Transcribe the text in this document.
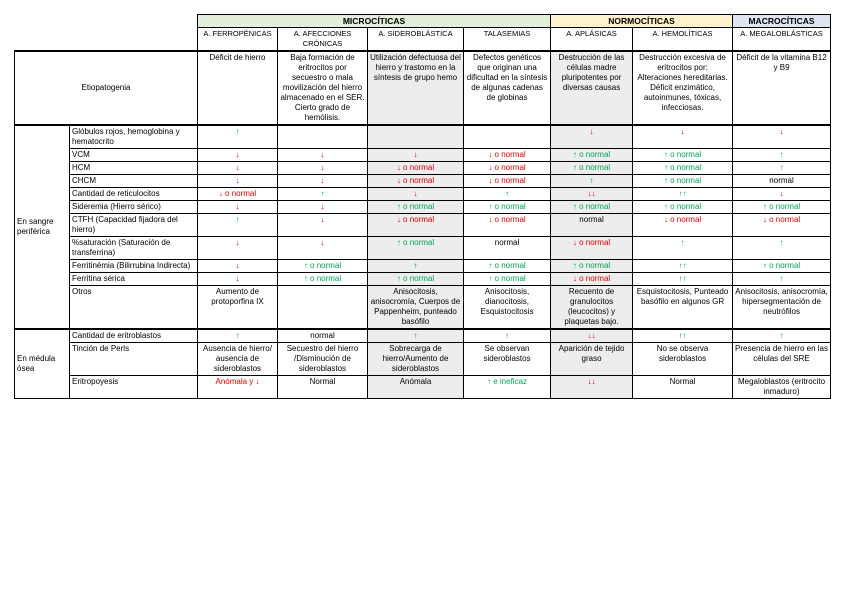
		MICROCÍTICAS				NORMOCÍTICAS		MACROCÍTICAS
		A. FERROPÉNICAS	A. AFECCIONES CRÓNICAS	A. SIDEROBLÁSTICA	TALASEMIAS	A. APLÁSICAS	A. HEMOLÍTICAS	A. MEGALOBLÁSTICAS
Etiopatogenia		Déficit de hierro	Baja formación de eritrocitos por secuestro o mala movilización del hierro almacenado en el SER. Cierto grado de hemólisis.	Utilización defectuosa del hierro y trastorno en la síntesis de grupo hemo	Defectos genéticos que originan una dificultad en la síntesis de algunas cadenas de globinas	Destrucción de las células madre pluripotentes por diversas causas	Destrucción excesiva de eritrocitos por: Alteraciones hereditarias. Déficit enzimático, autoinmunes, tóxicas, infecciosas.	Déficit de la vitamina B12 y B9
En sangre periférica	Glóbulos rojos, hemoglobina y hematocrito	↑				↓	↓	↓
	VCM	↓	↓	↓	↓ o normal	↑ o normal	↑ o normal	↑
	HCM	↓	↓	↓ o normal	↓ o normal	↑ o normal	↑ o normal	↑
	CHCM	↓	↓	↓ o normal	↓ o normal	↑	↑ o normal	normal
	Cantidad de reticulocitos	↓ o normal	↑	↓	↑	↓↓	↑↑	↓
	Sideremia (Hierro sérico)	↓	↓	↑ o normal	↑ o normal	↑ o normal	↑ o normal	↑ o normal
	CTFH (Capacidad fijadora del hierro)	↑	↓	↓ o normal	↓ o normal	normal	↓ o normal	↓ o normal
	%saturación (Saturación de transferrina)	↓	↓	↑ o normal	normal	↓ o normal	↑	↑
	Ferritinémia (Bilirrubina Indirecta)	↓	↑ o normal	↑	↑ o normal	↑ o normal	↑↑	↑ o normal
	Ferritina sérica	↓	↑ o normal	↑ o normal	↑ o normal	↓ o normal	↑↑	↑
	Otros	Aumento de protoporfina IX		Anisocitosis, anisocromía, Cuerpos de Pappenheim, punteado basófilo	Anisocitosis, dianocitosis, Esquistocitosis	Recuento de granulocitos (leucocitos) y plaquetas bajo.	Esquistocitosis, Punteado basófilo en algunos GR	Anisocitosis, anisocromía, hipersegmentación de neutrófilos
En médula ósea	Cantidad de eritroblastos	↑	normal	↑	↑	↓↓	↑↑	↑
	Tinción de Perls	Ausencia de hierro/ ausencia de sideroblastos	Secuestro del hierro /Disminución de sideroblastos	Sobrecarga de hierro/Aumento de sideroblastos	Se observan sideroblastos	Aparición de tejido graso	No se observa sideroblastos	Presencia de hierro en las células del SRE
	Eritropoyesis	Anómala y ↓	Normal	Anómala	↑ e ineficaz	↓↓	Normal	Megaloblastos (eritrocito inmaduro)
